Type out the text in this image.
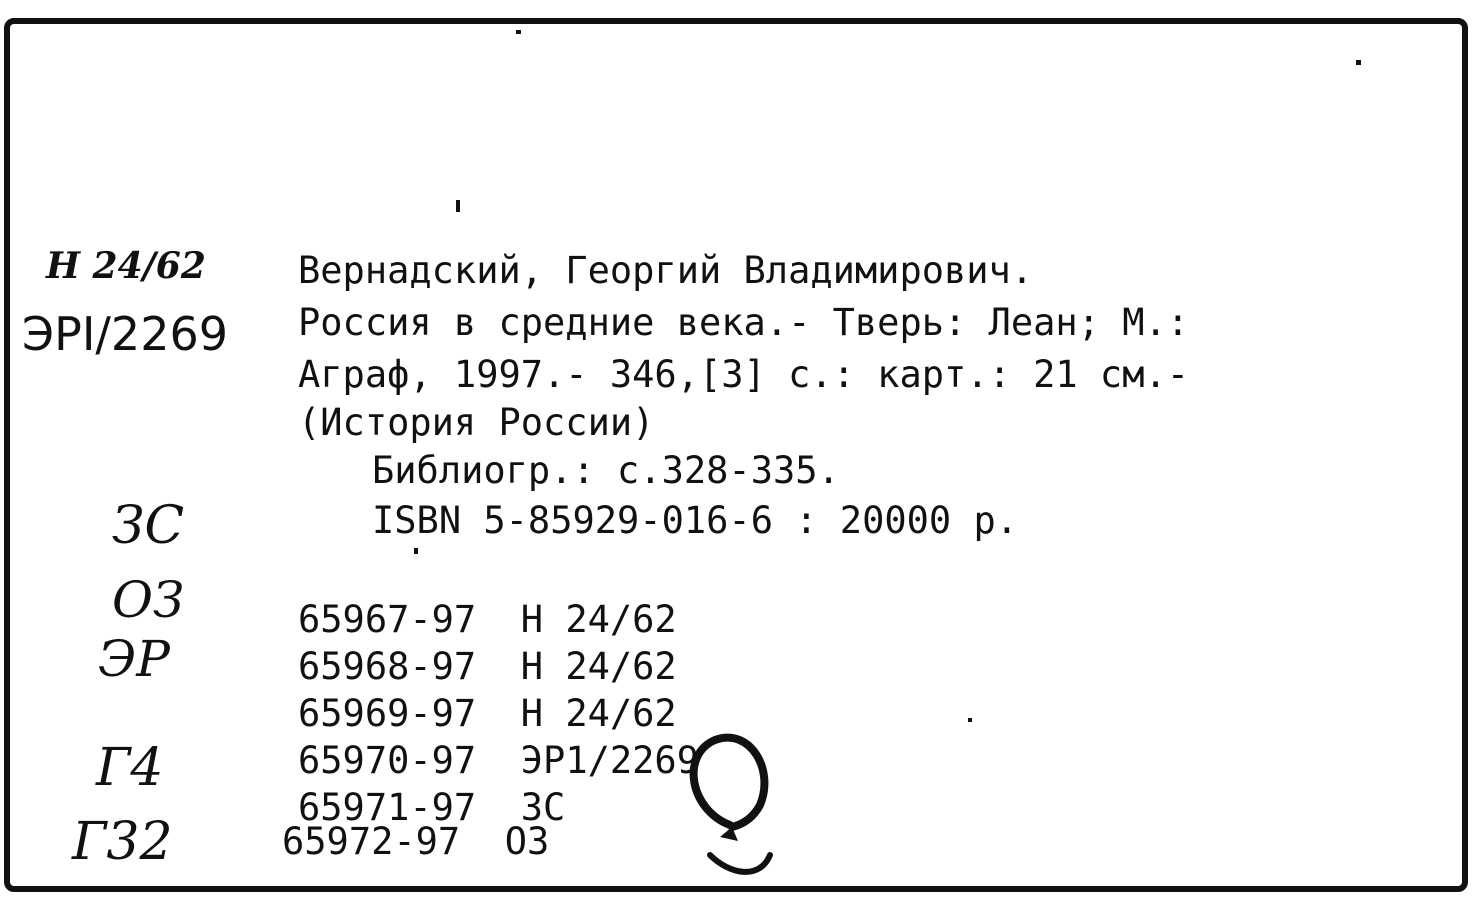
Н 24/62
ЭРI/2269
ЗС
ОЗ
ЭР
Г4
Г32
Вернадский, Георгий Владимирович.
Россия в средние века.- Тверь: Леан; М.:
Аграф, 1997.- 346,[3] с.: карт.: 21 см.-
(История России)
Библиогр.: с.328-335.
ISBN 5-85929-016-6 : 20000 р.
65967-97 Н 24/62
65968-97 Н 24/62
65969-97 Н 24/62
65970-97 ЭР1/2269
65971-97 ЗС
